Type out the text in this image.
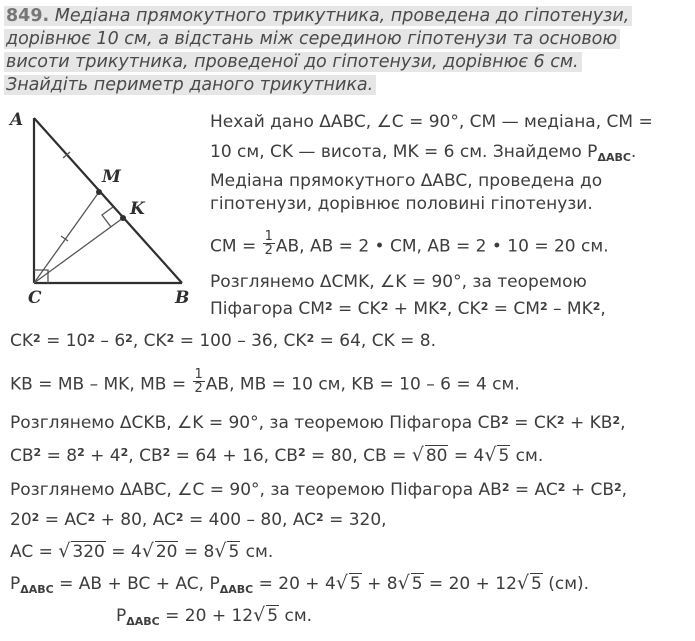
849. Медіана прямокутного трикутника, проведена до гіпотенузи,
дорівнює 10 см, а відстань між серединою гіпотенузи та основою
висоти трикутника, проведеної до гіпотенузи, дорівнює 6 см.
Знайдіть периметр даного трикутника.
A
M
K
C	B
Нехай дано ΔABC, ∠C = 90°, CM — медіана, CM =
10 см, CK — висота, MK = 6 см. Знайдемо $P_{\Delta ABC}$.
Медіана прямокутного ΔABC, проведена до
гіпотенузи, дорівнює половині гіпотенузи.
CM = $\frac{1}{2}$ AB, AB = 2 • CM, AB = 2 • 10 = 20 см.
Розглянемо ΔCMK, ∠K = 90°, за теоремою
Піфагора $CM^2 = CK^2 + MK^2$, $CK^2 = CM^2 - MK^2$,
$CK^2 = 10^2 - 6^2$, $CK^2 = 100 - 36$, $CK^2 = 64$, CK = 8.
KB = MB – MK, MB = $\frac{1}{2}$ AB, MB = 10 см, KB = 10 – 6 = 4 см.
Розглянемо ΔCKB, ∠K = 90°, за теоремою Піфагора $CB^2 = CK^2 + KB^2$,
$CB^2 = 8^2 + 4^2$, $CB^2 = 64 + 16$, $CB^2 = 80$, CB = √ 80 = 4√ 5 см.
Розглянемо ΔABC, ∠C = 90°, за теоремою Піфагора $AB^2 = AC^2 + CB^2$,
$20^2 = AC^2 + 80$, $AC^2 = 400 - 80$, $AC^2 = 320$,
AC = √ 320 = 4√ 20 = 8√ 5 см.
$P_{\Delta ABC}$ = AB + BC + AC, $P_{\Delta ABC} = 20 + 4√$ 5 + 8√ 5 = 20 + 12√ 5 (см).
$P_{\Delta ABC} = 20 + 12√$ 5 см.
